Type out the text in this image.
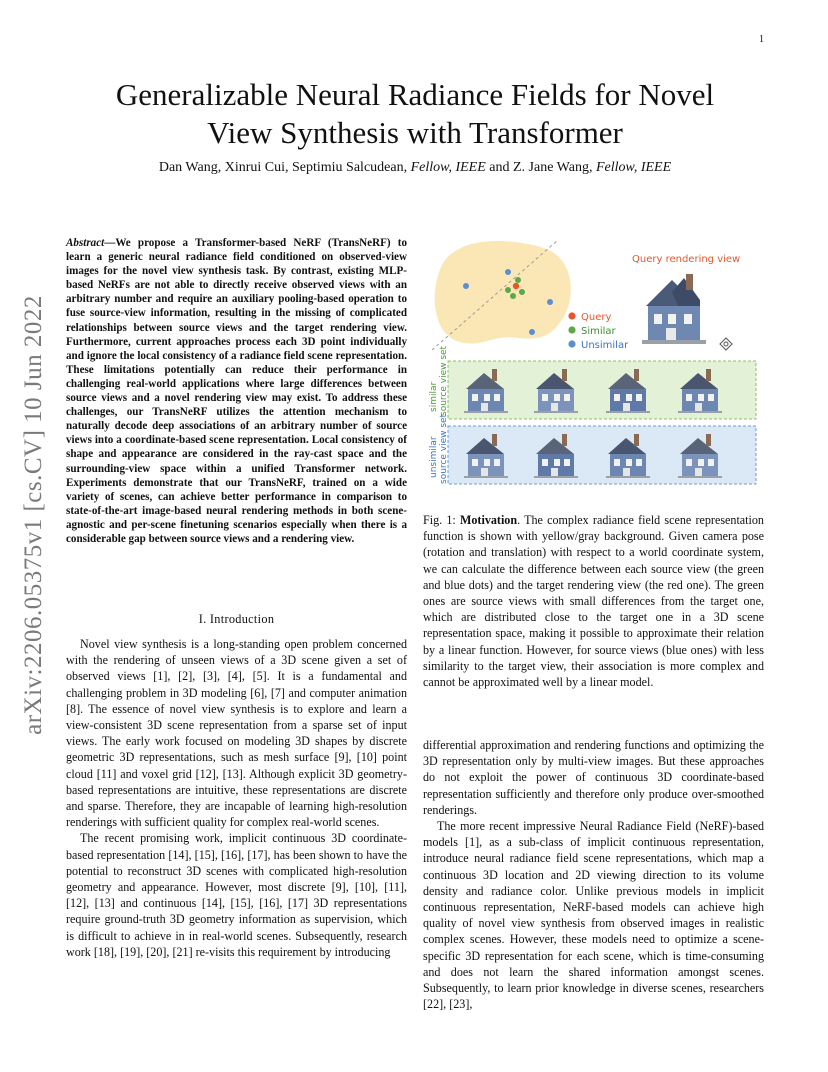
1
arXiv:2206.05375v1 [cs.CV] 10 Jun 2022
Generalizable Neural Radiance Fields for Novel
View Synthesis with Transformer
Dan Wang, Xinrui Cui, Septimiu Salcudean, Fellow, IEEE and Z. Jane Wang, Fellow, IEEE
Abstract—We propose a Transformer-based NeRF (TransNeRF) to learn a generic neural radiance field conditioned on observed-view images for the novel view synthesis task. By contrast, existing MLP-based NeRFs are not able to directly receive observed views with an arbitrary number and require an auxiliary pooling-based operation to fuse source-view information, resulting in the missing of complicated relationships between source views and the target rendering view. Furthermore, current approaches process each 3D point individually and ignore the local consistency of a radiance field scene representation. These limitations potentially can reduce their performance in challenging real-world applications where large differences between source views and a novel rendering view may exist. To address these challenges, our TransNeRF utilizes the attention mechanism to naturally decode deep associations of an arbitrary number of source views into a coordinate-based scene representation. Local consistency of shape and appearance are considered in the ray-cast space and the surrounding-view space within a unified Transformer network. Experiments demonstrate that our TransNeRF, trained on a wide variety of scenes, can achieve better performance in comparison to state-of-the-art image-based neural rendering methods in both scene-agnostic and per-scene finetuning scenarios especially when there is a considerable gap between source views and a rendering view.
I. Introduction

Novel view synthesis is a long-standing open problem concerned with the rendering of unseen views of a 3D scene given a set of observed views [1], [2], [3], [4], [5]. It is a fundamental and challenging problem in 3D modeling [6], [7] and computer animation [8]. The essence of novel view synthesis is to explore and learn a view-consistent 3D scene representation from a sparse set of input views. The early work focused on modeling 3D shapes by discrete geometric 3D representations, such as mesh surface [9], [10] point cloud [11] and voxel grid [12], [13]. Although explicit 3D geometry-based representations are intuitive, these representations are discrete and sparse. Therefore, they are incapable of learning high-resolution renderings with sufficient quality for complex real-world scenes.

The recent promising work, implicit continuous 3D coordinate-based representation [14], [15], [16], [17], has been shown to have the potential to reconstruct 3D scenes with complicated high-resolution geometry and appearance. However, most discrete [9], [10], [11], [12], [13] and continuous [14], [15], [16], [17] 3D representations require ground-truth 3D geometry information as supervision, which is difficult to achieve in in real-world scenes. Subsequently, research work [18], [19], [20], [21] re-visits this requirement by introducing

Query
Similar
Unsimilar
Query rendering view
similar source view set
unsimilar source view set
Fig. 1: Motivation. The complex radiance field scene representation function is shown with yellow/gray background. Given camera pose (rotation and translation) with respect to a world coordinate system, we can calculate the difference between each source view (the green and blue dots) and the target rendering view (the red one). The green ones are source views with small differences from the target one, which are distributed close to the target one in a 3D scene representation space, making it possible to approximate their relation by a linear function. However, for source views (blue ones) with less similarity to the target view, their association is more complex and cannot be approximated well by a linear model.

differential approximation and rendering functions and optimizing the 3D representation only by multi-view images. But these approaches do not exploit the power of continuous 3D coordinate-based representation sufficiently and therefore only produce over-smoothed renderings.

The more recent impressive Neural Radiance Field (NeRF)-based models [1], as a sub-class of implicit continuous representation, introduce neural radiance field scene representations, which map a continuous 3D location and 2D viewing direction to its volume density and radiance color. Unlike previous models in implicit continuous representation, NeRF-based models can achieve high quality of novel view synthesis from observed images in realistic complex scenes. However, these models need to optimize a scene-specific 3D representation for each scene, which is time-consuming and does not learn the shared information amongst scenes. Subsequently, to learn prior knowledge in diverse scenes, researchers [22], [23],
